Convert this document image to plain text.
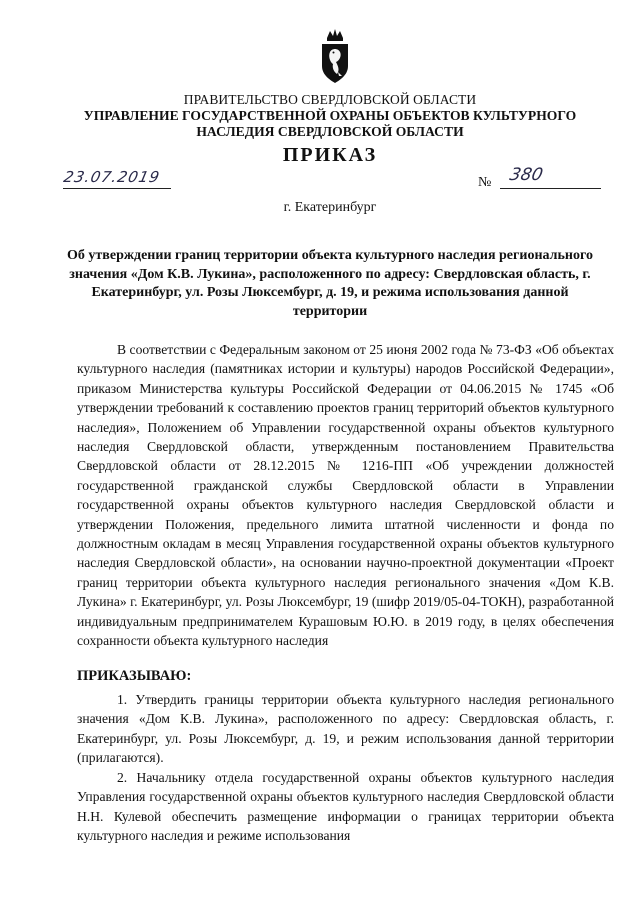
ПРАВИТЕЛЬСТВО СВЕРДЛОВСКОЙ ОБЛАСТИ
УПРАВЛЕНИЕ ГОСУДАРСТВЕННОЙ ОХРАНЫ ОБЪЕКТОВ КУЛЬТУРНОГО НАСЛЕДИЯ СВЕРДЛОВСКОЙ ОБЛАСТИ
ПРИКАЗ
23.07.2019	№ 380
г. Екатеринбург
Об утверждении границ территории объекта культурного наследия регионального значения «Дом К.В. Лукина», расположенного по адресу: Свердловская область, г. Екатеринбург, ул. Розы Люксембург, д. 19, и режима использования данной территории
В соответствии с Федеральным законом от 25 июня 2002 года № 73-ФЗ «Об объектах культурного наследия (памятниках истории и культуры) народов Российской Федерации», приказом Министерства культуры Российской Федерации от 04.06.2015 № 1745 «Об утверждении требований к составлению проектов границ территорий объектов культурного наследия», Положением об Управлении государственной охраны объектов культурного наследия Свердловской области, утвержденным постановлением Правительства Свердловской области от 28.12.2015 № 1216-ПП «Об учреждении должностей государственной гражданской службы Свердловской области в Управлении государственной охраны объектов культурного наследия Свердловской области и утверждении Положения, предельного лимита штатной численности и фонда по должностным окладам в месяц Управления государственной охраны объектов культурного наследия Свердловской области», на основании научно-проектной документации «Проект границ территории объекта культурного наследия регионального значения «Дом К.В. Лукина» г. Екатеринбург, ул. Розы Люксембург, 19 (шифр 2019/05-04-ТОКН), разработанной индивидуальным предпринимателем Курашовым Ю.Ю. в 2019 году, в целях обеспечения сохранности объекта культурного наследия
ПРИКАЗЫВАЮ:
1. Утвердить границы территории объекта культурного наследия регионального значения «Дом К.В. Лукина», расположенного по адресу: Свердловская область, г. Екатеринбург, ул. Розы Люксембург, д. 19, и режим использования данной территории (прилагаются).
2. Начальнику отдела государственной охраны объектов культурного наследия Управления государственной охраны объектов культурного наследия Свердловской области Н.Н. Кулевой обеспечить размещение информации о границах территории объекта культурного наследия и режиме использования
